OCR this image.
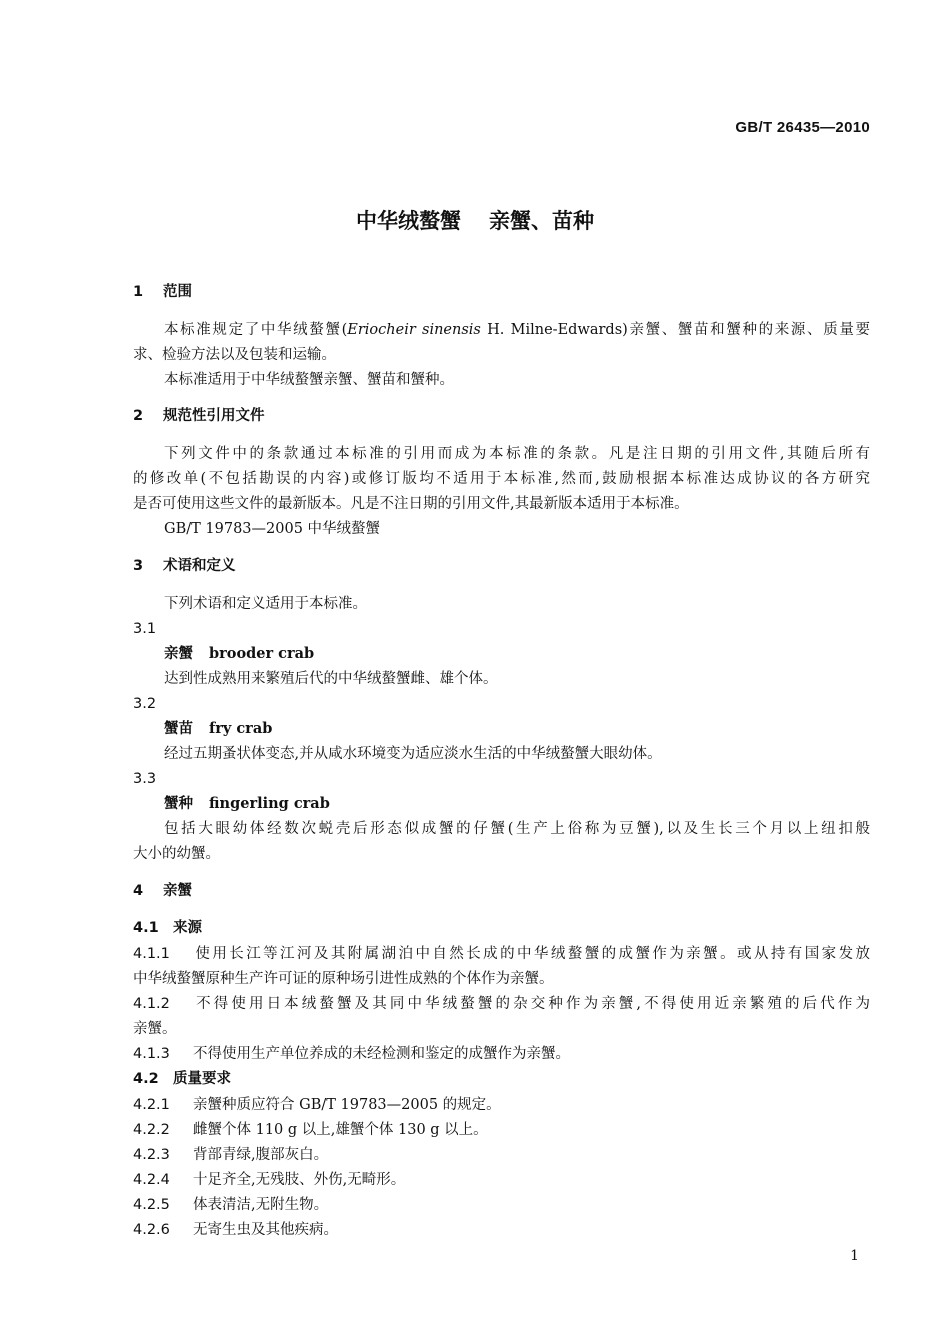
GB/T 26435—2010
中华绒螯蟹 亲蟹、苗种
1 范围
本标准规定了中华绒螯蟹(Eriocheir sinensis H. Milne-Edwards)亲蟹、蟹苗和蟹种的来源、质量要
求、检验方法以及包装和运输。
本标准适用于中华绒螯蟹亲蟹、蟹苗和蟹种。
2 规范性引用文件
下列文件中的条款通过本标准的引用而成为本标准的条款。凡是注日期的引用文件,其随后所有
的修改单(不包括勘误的内容)或修订版均不适用于本标准,然而,鼓励根据本标准达成协议的各方研究
是否可使用这些文件的最新版本。凡是不注日期的引用文件,其最新版本适用于本标准。
GB/T 19783—2005 中华绒螯蟹
3 术语和定义
下列术语和定义适用于本标准。
3.1
亲蟹 brooder crab
达到性成熟用来繁殖后代的中华绒螯蟹雌、雄个体。
3.2
蟹苗 fry crab
经过五期蚤状体变态,并从咸水环境变为适应淡水生活的中华绒螯蟹大眼幼体。
3.3
蟹种 fingerling crab
包括大眼幼体经数次蜕壳后形态似成蟹的仔蟹(生产上俗称为豆蟹),以及生长三个月以上纽扣般
大小的幼蟹。
4 亲蟹
4.1 来源
4.1.1 使用长江等江河及其附属湖泊中自然长成的中华绒螯蟹的成蟹作为亲蟹。或从持有国家发放
中华绒螯蟹原种生产许可证的原种场引进性成熟的个体作为亲蟹。
4.1.2 不得使用日本绒螯蟹及其同中华绒螯蟹的杂交种作为亲蟹,不得使用近亲繁殖的后代作为
亲蟹。
4.1.3 不得使用生产单位养成的未经检测和鉴定的成蟹作为亲蟹。
4.2 质量要求
4.2.1 亲蟹种质应符合 GB/T 19783—2005 的规定。
4.2.2 雌蟹个体 110 g 以上,雄蟹个体 130 g 以上。
4.2.3 背部青绿,腹部灰白。
4.2.4 十足齐全,无残肢、外伤,无畸形。
4.2.5 体表清洁,无附生物。
4.2.6 无寄生虫及其他疾病。
1
